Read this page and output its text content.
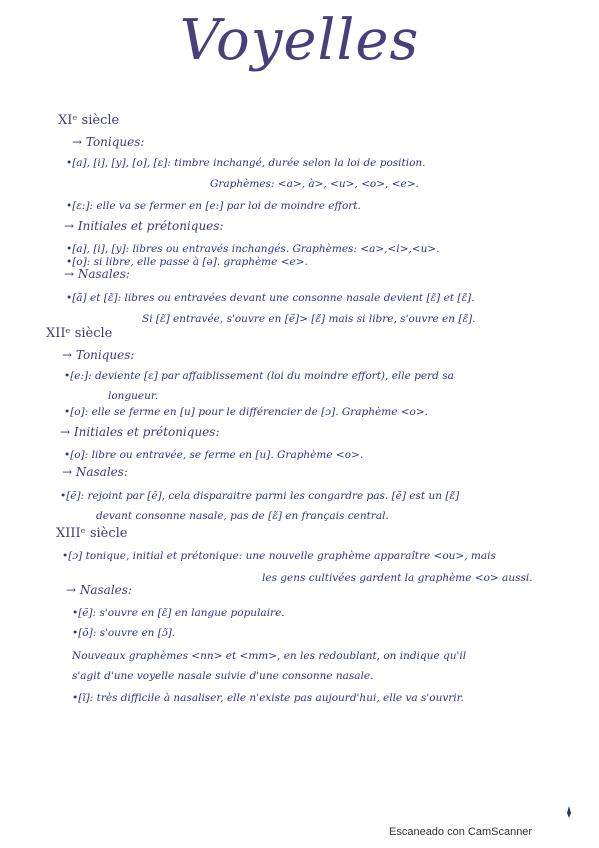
Voyelles
XIᵉ siècle
→ Toniques:
•[a], [i], [y], [o], [ɛ]: timbre inchangé, durée selon la loi de position.
Graphèmes: <a>, à>, <u>, <o>, <e>.
•[ɛ:]: elle va se fermer en [e:] par loi de moindre effort.
→ Initiales et prétoniques:
•[a], [i], [y]: libres ou entravés inchangés. Graphèmes: <a>,<i>,<u>.
•[o]: si libre, elle passe à [ə]. graphème <e>.
→ Nasales:
•[ã] et [ɛ̃]: libres ou entravées devant une consonne nasale devient [ɛ̃] et [ɛ̃].
Si [ɛ̃] entravée, s'ouvre en [ẽ]> [ɛ̃] mais si libre, s'ouvre en [ɛ̃].
XIIᵉ siècle
→ Toniques:
•[e:]: deviente [ɛ] par affaiblissement (loi du moindre effort), elle perd sa
longueur.
•[o]: elle se ferme en [u] pour le différencier de [ɔ]. Graphème <o>.
→ Initiales et prétoniques:
•[o]: libre ou entravée, se ferme en [u]. Graphème <o>.
→ Nasales:
•[ẽ]: rejoint par [ẽ], cela disparaitre parmi les congardre pas. [ẽ] est un [ɛ̃]
devant consonne nasale, pas de [ɛ̃] en français central.
XIIIᵉ siècle
•[ɔ] tonique, initial et prétonique: une nouvelle graphème apparaître <ou>, mais
les gens cultivées gardent la graphème <o> aussi.
→ Nasales:
•[ẽ]: s'ouvre en [ɛ̃] en langue populaire.
•[õ]: s'ouvre en [ɔ̃].
Nouveaux graphèmes <nn> et <mm>, en les redoublant, on indique qu'il
s'agit d'une voyelle nasale suivie d'une consonne nasale.
•[ĩ]: très difficile à nasaliser, elle n'existe pas aujourd'hui, elle va s'ouvrir.
Escaneado con CamScanner
